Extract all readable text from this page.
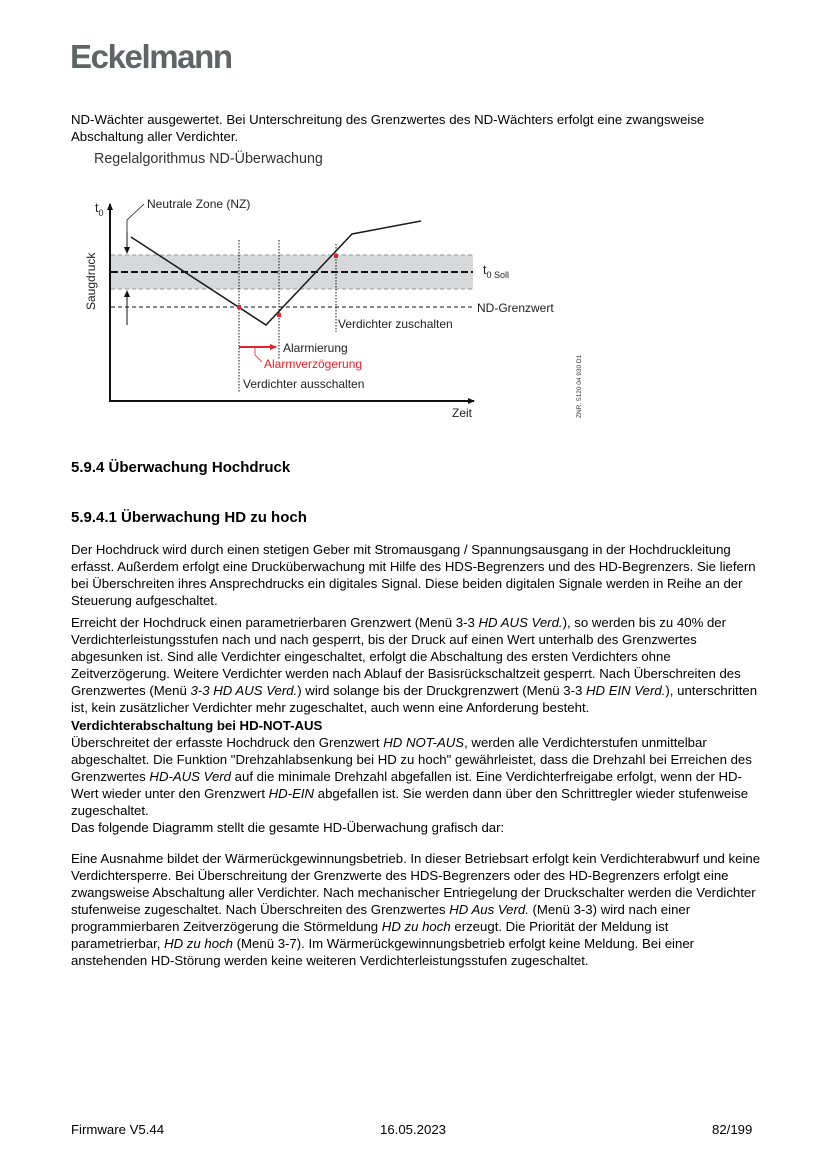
Eckelmann

ND-Wächter ausgewertet. Bei Unterschreitung des Grenzwertes des ND-Wächters erfolgt eine zwangsweise Abschaltung aller Verdichter.

Regelalgorithmus ND-Überwachung
$t_0$
Neutrale Zone (NZ)
Saugdruck	$t_{0 Soll}$
ND-Grenzwert
Verdichter zuschalten
Alarmierung
Alarmverzögerung
Verdichter ausschalten
Zeit	ZNR. 5120 04 930 D1
5.9.4 Überwachung Hochdruck
5.9.4.1 Überwachung HD zu hoch

Der Hochdruck wird durch einen stetigen Geber mit Stromausgang / Spannungsausgang in der Hochdruckleitung erfasst. Außerdem erfolgt eine Drucküberwachung mit Hilfe des HDS-Begrenzers und des HD-Begrenzers. Sie liefern bei Überschreiten ihres Ansprechdrucks ein digitales Signal. Diese beiden digitalen Signale werden in Reihe an der Steuerung aufgeschaltet.

Erreicht der Hochdruck einen parametrierbaren Grenzwert (Menü 3-3 HD AUS Verd.), so werden bis zu 40% der Verdichterleistungsstufen nach und nach gesperrt, bis der Druck auf einen Wert unterhalb des Grenzwertes abgesunken ist. Sind alle Verdichter eingeschaltet, erfolgt die Abschaltung des ersten Verdichters ohne Zeitverzögerung. Weitere Verdichter werden nach Ablauf der Basisrückschaltzeit gesperrt. Nach Überschreiten des Grenzwertes (Menü 3-3 HD AUS Verd.) wird solange bis der Druckgrenzwert (Menü 3-3 HD EIN Verd.), unterschritten ist, kein zusätzlicher Verdichter mehr zugeschaltet, auch wenn eine Anforderung besteht.

Verdichterabschaltung bei HD-NOT-AUS
Überschreitet der erfasste Hochdruck den Grenzwert HD NOT-AUS, werden alle Verdichterstufen unmittelbar abgeschaltet. Die Funktion "Drehzahlabsenkung bei HD zu hoch" gewährleistet, dass die Drehzahl bei Erreichen des Grenzwertes HD-AUS Verd auf die minimale Drehzahl abgefallen ist. Eine Verdichterfreigabe erfolgt, wenn der HD-Wert wieder unter den Grenzwert HD-EIN abgefallen ist. Sie werden dann über den Schrittregler wieder stufenweise zugeschaltet.
Das folgende Diagramm stellt die gesamte HD-Überwachung grafisch dar:

Eine Ausnahme bildet der Wärmerückgewinnungsbetrieb. In dieser Betriebsart erfolgt kein Verdichterabwurf und keine Verdichtersperre. Bei Überschreitung der Grenzwerte des HDS-Begrenzers oder des HD-Begrenzers erfolgt eine zwangsweise Abschaltung aller Verdichter. Nach mechanischer Entriegelung der Druckschalter werden die Verdichter stufenweise zugeschaltet. Nach Überschreiten des Grenzwertes HD Aus Verd. (Menü 3-3) wird nach einer programmierbaren Zeitverzögerung die Störmeldung HD zu hoch erzeugt. Die Priorität der Meldung ist parametrierbar, HD zu hoch (Menü 3-7). Im Wärmerückgewinnungsbetrieb erfolgt keine Meldung. Bei einer anstehenden HD-Störung werden keine weiteren Verdichterleistungsstufen zugeschaltet.

Firmware V5.44	16.05.2023	82/199
